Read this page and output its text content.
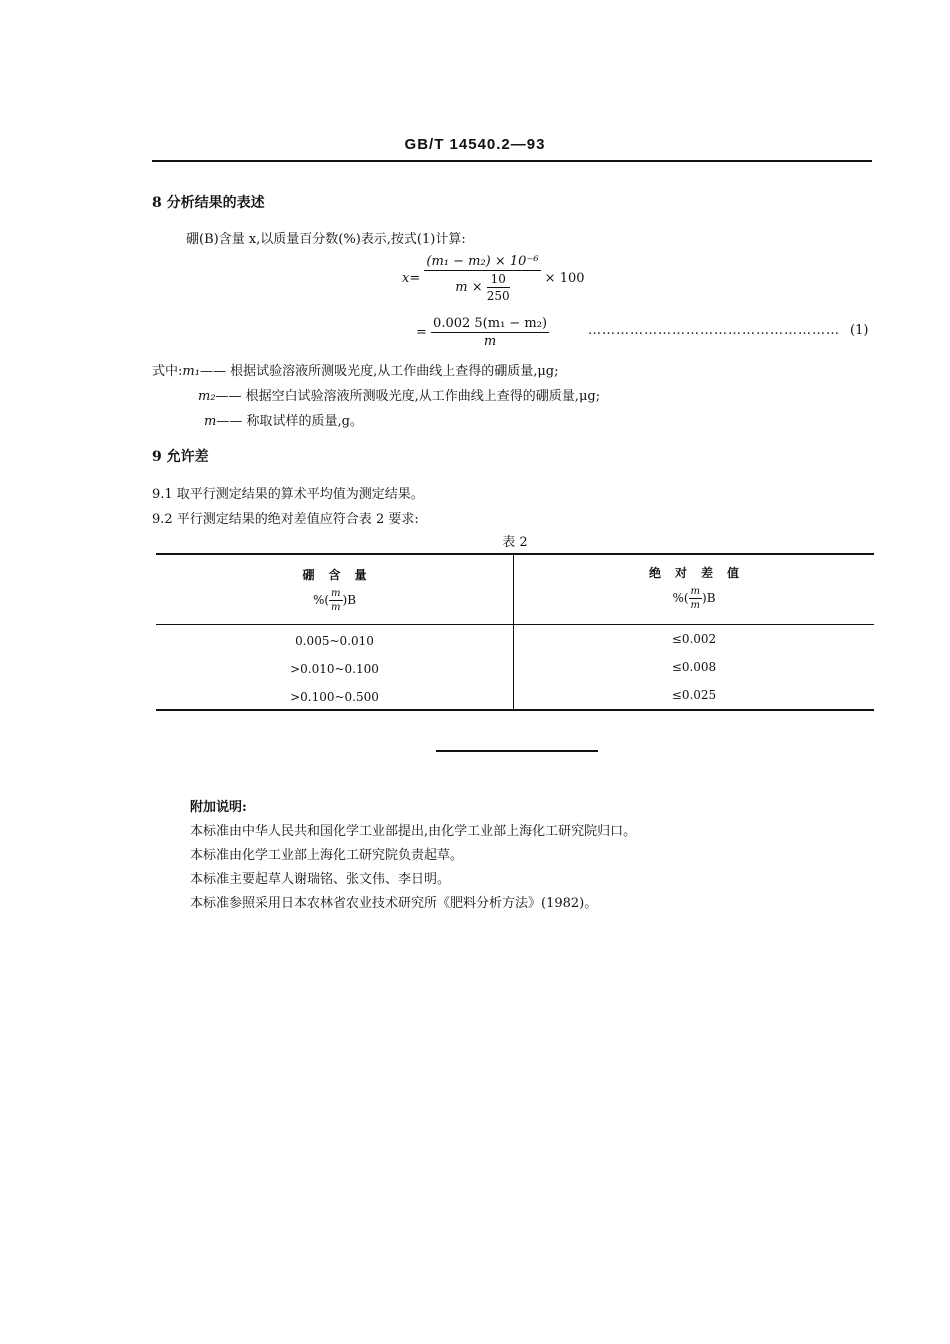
GB/T 14540.2—93
8 分析结果的表述
硼(B)含量 x,以质量百分数(%)表示,按式(1)计算:
$x= \frac{\text{(m₁ − m₂) × 10⁻⁶}}{m \times \frac{10}{250}} \times 100$
= $\frac{\text{0.002 5(m₁ − m₂)}}{m}$	……………………………………………… (1)
式中:m₁—— 根据试验溶液所测吸光度,从工作曲线上查得的硼质量,μg;
m₂—— 根据空白试验溶液所测吸光度,从工作曲线上查得的硼质量,μg;
m—— 称取试样的质量,g。
9 允许差
9.1 取平行测定结果的算术平均值为测定结果。
9.2 平行测定结果的绝对差值应符合表 2 要求:
表 2
硼含量	绝对差值
%( $\frac{m}{m} )B$	%( $\frac{m}{m} )B$
0.005~0.010	≤0.002
>0.010~0.100	≤0.008
>0.100~0.500	≤0.025
附加说明:
本标准由中华人民共和国化学工业部提出,由化学工业部上海化工研究院归口。
本标准由化学工业部上海化工研究院负责起草。
本标准主要起草人谢瑞铭、张文伟、李日明。
本标准参照采用日本农林省农业技术研究所《肥料分析方法》(1982)。
